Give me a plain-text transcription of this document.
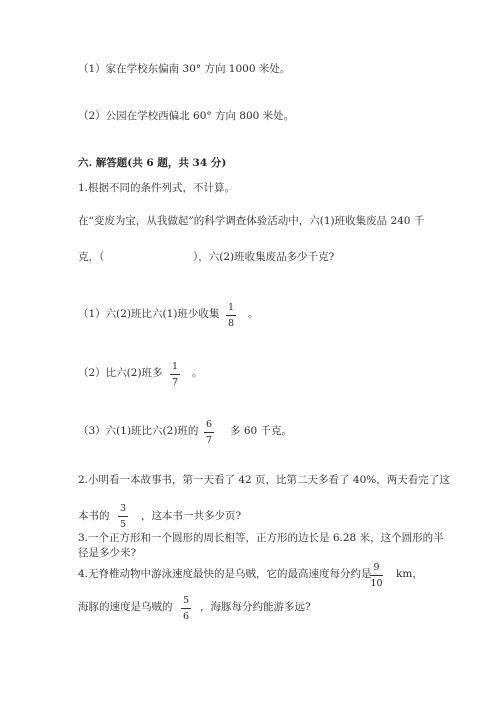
（1）家在学校东偏南 30° 方向 1000 米处。
（2）公园在学校西偏北 60° 方向 800 米处。
六. 解答题(共 6 题，共 34 分)
1.根据不同的条件列式，不计算。
在“变废为宝，从我做起”的科学调查体验活动中，六(1)班收集废品 240 千
克，（	），六(2)班收集废品多少千克?
（1）六(2)班比六(1)班少收集
1
8
。
（2）比六(2)班多
1
7
。
（3）六(1)班比六(2)班的
6
7
多 60 千克。
2.小明看一本故事书，第一天看了 42 页，比第二天多看了 40%，两天看完了这
本书的
3
5
，这本书一共多少页?
3.一个正方形和一个圆形的周长相等，正方形的边长是 6.28 米，这个圆形的半
径是多少米?
4.无脊椎动物中游泳速度最快的是乌贼，它的最高速度每分约是
9
10
km，
海豚的速度是乌贼的
5
6
，海豚每分约能游多远?
